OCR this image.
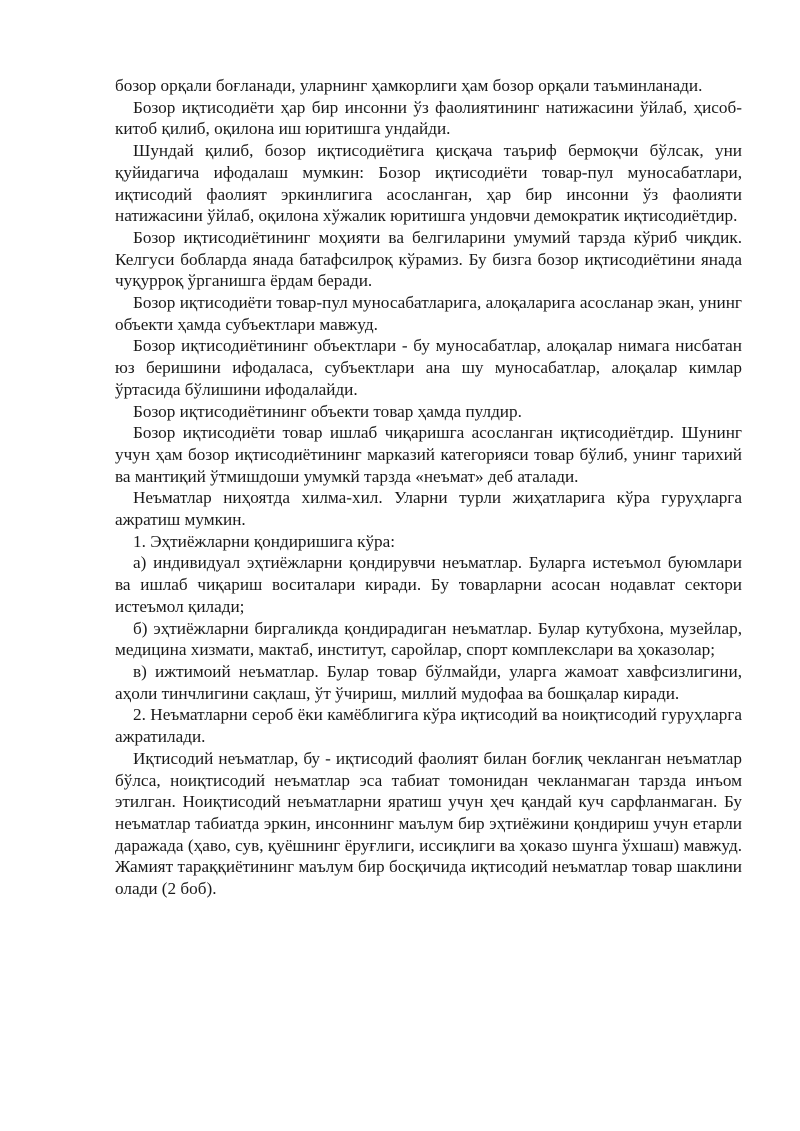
бозор орқали боғланади, уларнинг ҳамкорлиги ҳам бозор орқали таъминланади.

Бозор иқтисодиёти ҳар бир инсонни ўз фаолиятининг натижасини ўйлаб, ҳисоб-китоб қилиб, оқилона иш юритишга ундайди.

Шундай қилиб, бозор иқтисодиётига қисқача таъриф бермоқчи бўлсак, уни қуйидагича ифодалаш мумкин: Бозор иқтисодиёти товар-пул муносабатлари, иқтисодий фаолият эркинлигига асосланган, ҳар бир инсонни ўз фаолияти натижасини ўйлаб, оқилона хўжалик юритишга ундовчи демократик иқтисодиётдир.

Бозор иқтисодиётининг моҳияти ва белгиларини умумий тарзда кўриб чиқдик. Келгуси бобларда янада батафсилроқ кўрамиз. Бу бизга бозор иқтисодиётини янада чуқурроқ ўрганишга ёрдам беради.

Бозор иқтисодиёти товар-пул муносабатларига, алоқаларига асосланар экан, унинг объекти ҳамда субъектлари мавжуд.

Бозор иқтисодиётининг объектлари - бу муносабатлар, алоқалар нимага нисбатан юз беришини ифодаласа, субъектлари ана шу муносабатлар, алоқалар кимлар ўртасида бўлишини ифодалайди.

Бозор иқтисодиётининг объекти товар ҳамда пулдир.

Бозор иқтисодиёти товар ишлаб чиқаришга асосланган иқтисодиётдир. Шунинг учун ҳам бозор иқтисодиётининг марказий категорияси товар бўлиб, унинг тарихий ва мантиқий ўтмишдоши умумкй тарзда «неъмат» деб аталади.

Неъматлар ниҳоятда хилма-хил. Уларни турли жиҳатларига кўра гуруҳларга ажратиш мумкин.

1. Эҳтиёжларни қондиришига кўра:

а) индивидуал эҳтиёжларни қондирувчи неъматлар. Буларга истеъмол буюмлари ва ишлаб чиқариш воситалари киради. Бу товарларни асосан нодавлат сектори истеъмол қилади;

б) эҳтиёжларни биргаликда қондирадиган неъматлар. Булар кутубхона, музейлар, медицина хизмати, мактаб, институт, саройлар, спорт комплекслари ва ҳоказолар;

в) ижтимоий неъматлар. Булар товар бўлмайди, уларга жамоат хавфсизлигини, аҳоли тинчлигини сақлаш, ўт ўчириш, миллий мудофаа ва бошқалар киради.

2. Неъматларни сероб ёки камёблигига кўра иқтисодий ва ноиқтисодий гуруҳларга ажратилади.

Иқтисодий неъматлар, бу - иқтисодий фаолият билан боғлиқ чекланган неъматлар бўлса, ноиқтисодий неъматлар эса табиат томонидан чекланмаган тарзда инъом этилган. Ноиқтисодий неъматларни яратиш учун ҳеч қандай куч сарфланмаган. Бу неъматлар табиатда эркин, инсоннинг маълум бир эҳтиёжини қондириш учун етарли даражада (ҳаво, сув, қуёшнинг ёруғлиги, иссиқлиги ва ҳоказо шунга ўхшаш) мавжуд. Жамият тараққиётининг маълум бир босқичида иқтисодий неъматлар товар шаклини олади (2 боб).
